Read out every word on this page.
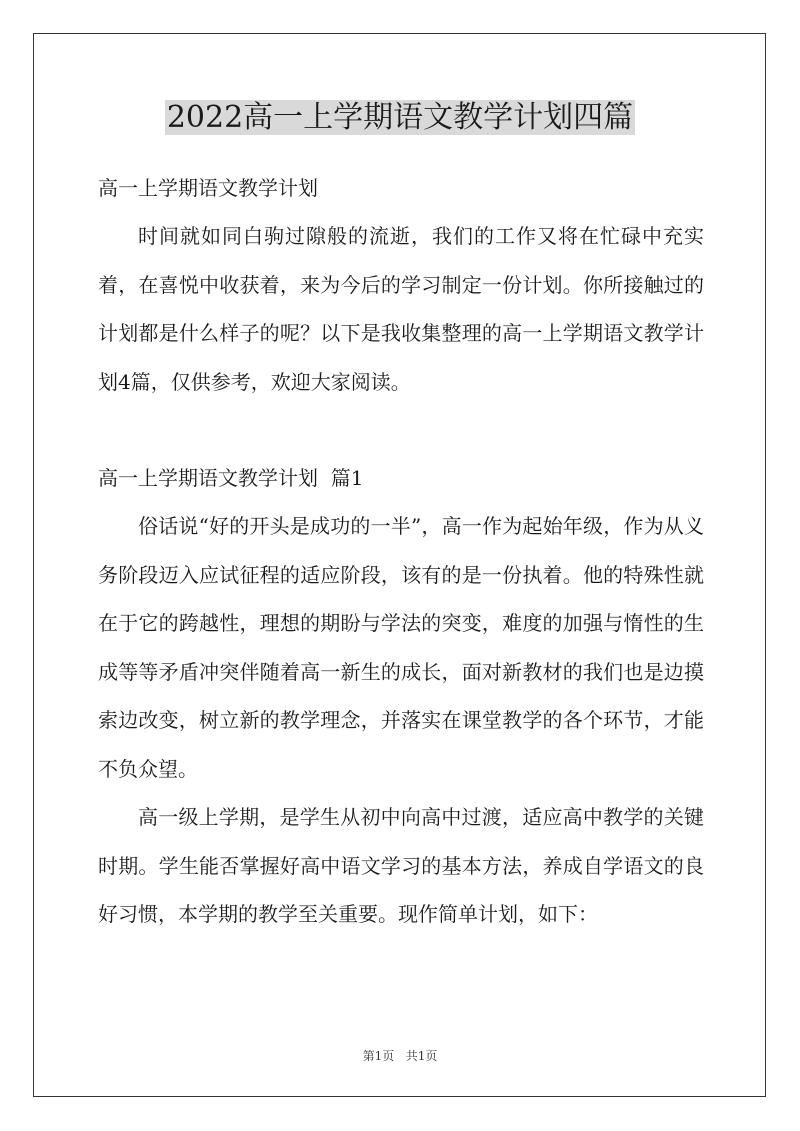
2022高一上学期语文教学计划四篇

高一上学期语文教学计划

时间就如同白驹过隙般的流逝，我们的工作又将在忙碌中充实着，在喜悦中收获着，来为今后的学习制定一份计划。你所接触过的计划都是什么样子的呢？以下是我收集整理的高一上学期语文教学计划4篇，仅供参考，欢迎大家阅读。

高一上学期语文教学计划  篇1

俗话说“好的开头是成功的一半”，高一作为起始年级，作为从义务阶段迈入应试征程的适应阶段，该有的是一份执着。他的特殊性就在于它的跨越性，理想的期盼与学法的突变，难度的加强与惰性的生成等等矛盾冲突伴随着高一新生的成长，面对新教材的我们也是边摸索边改变，树立新的教学理念，并落实在课堂教学的各个环节，才能不负众望。

高一级上学期，是学生从初中向高中过渡，适应高中教学的关键时期。学生能否掌握好高中语文学习的基本方法，养成自学语文的良好习惯，本学期的教学至关重要。现作简单计划，如下：

第1页   共1页
